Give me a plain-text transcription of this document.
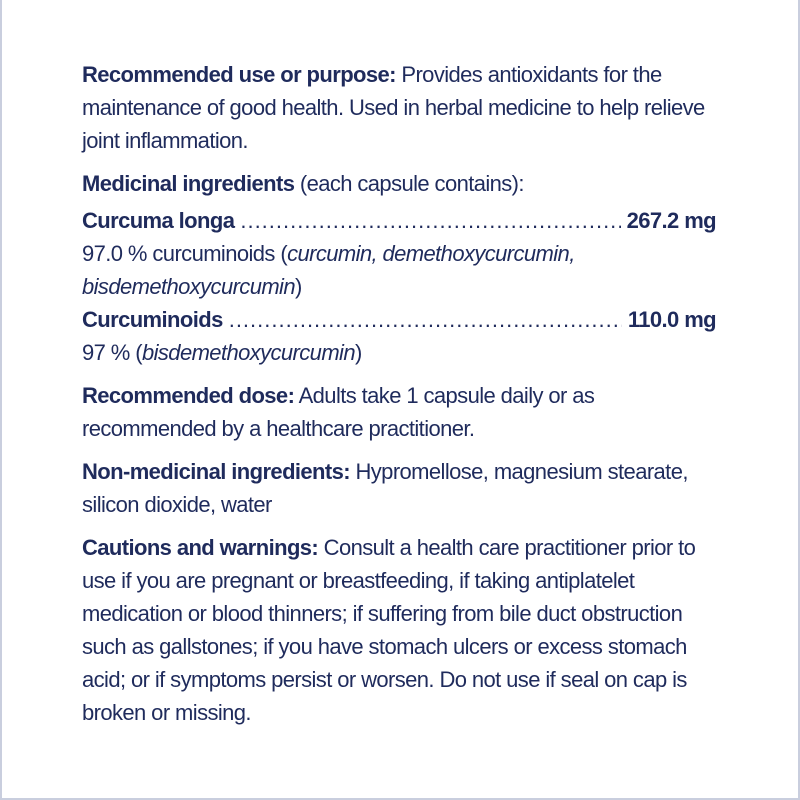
Recommended use or purpose: Provides antioxidants for the maintenance of good health. Used in herbal medicine to help relieve joint inflammation.

Medicinal ingredients (each capsule contains):

Curcuma longa .....	267.2 mg

97.0 % curcuminoids (curcumin, demethoxycurcumin, bisdemethoxycurcumin)

Curcuminoids .....	110.0 mg

97 % (bisdemethoxycurcumin)

Recommended dose: Adults take 1 capsule daily or as recommended by a healthcare practitioner.

Non-medicinal ingredients: Hypromellose, magnesium stearate, silicon dioxide, water

Cautions and warnings: Consult a health care practitioner prior to use if you are pregnant or breastfeeding, if taking antiplatelet medication or blood thinners; if suffering from bile duct obstruction such as gallstones; if you have stomach ulcers or excess stomach acid; or if symptoms persist or worsen. Do not use if seal on cap is broken or missing.
